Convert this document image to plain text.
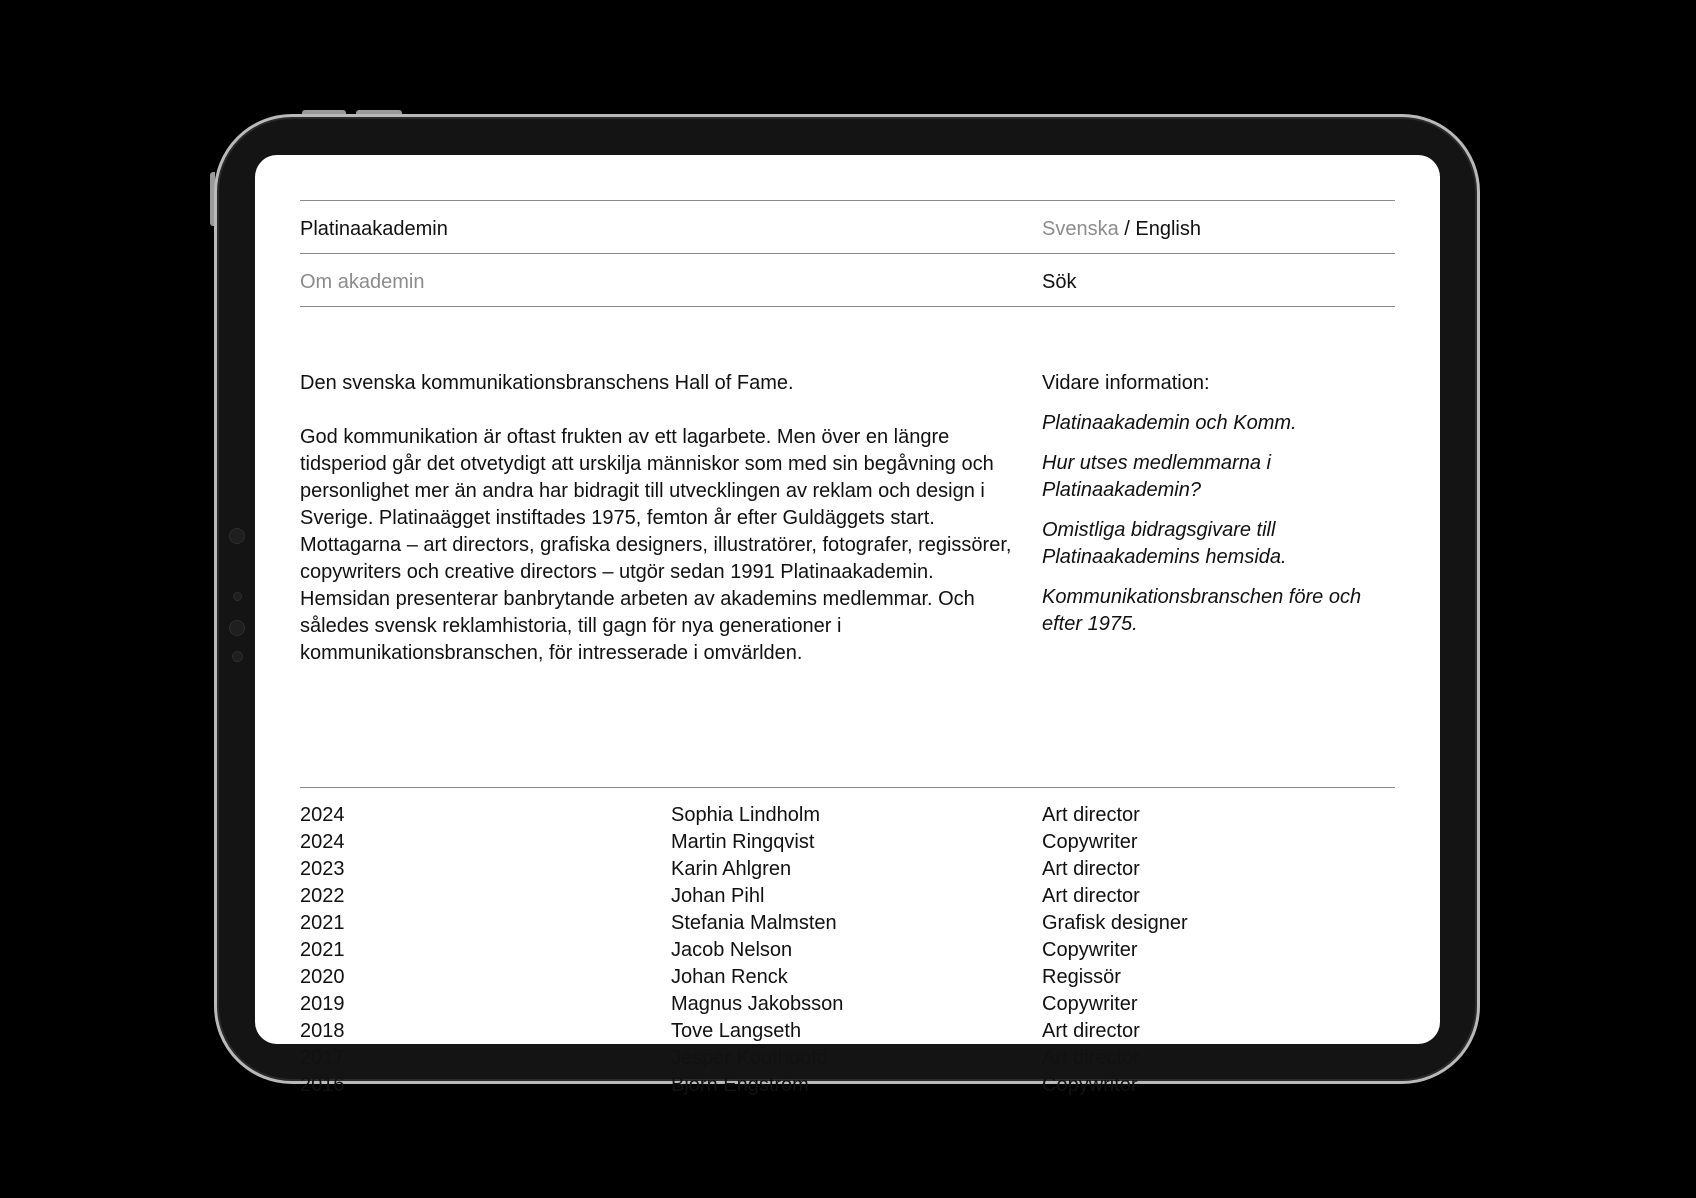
Platinaakademin	Svenska / English
Om akademin	Sök

Den svenska kommunikationsbranschens Hall of Fame.

God kommunikation är oftast frukten av ett lagarbete. Men över en längre tidsperiod går det otvetydigt att urskilja människor som med sin begåvning och personlighet mer än andra har bidragit till utvecklingen av reklam och design i Sverige. Platinaägget instiftades 1975, femton år efter Guldäggets start. Mottagarna – art directors, grafiska designers, illustratörer, fotografer, regissörer, copywriters och creative directors – utgör sedan 1991 Platinaakademin. Hemsidan presenterar banbrytande arbeten av akademins medlemmar. Och således svensk reklamhistoria, till gagn för nya generationer i kommunikationsbranschen, för intresserade i omvärlden.

Vidare information:
Platinaakademin och Komm.
Hur utses medlemmarna i Platinaakademin?
Omistliga bidragsgivare till Platinaakademins hemsida.
Kommunikationsbranschen före och efter 1975.
2024	Sophia Lindholm	Art director
2024	Martin Ringqvist	Copywriter
2023	Karin Ahlgren	Art director
2022	Johan Pihl	Art director
2021	Stefania Malmsten	Grafisk designer
2021	Jacob Nelson	Copywriter
2020	Johan Renck	Regissör
2019	Magnus Jakobsson	Copywriter
2018	Tove Langseth	Art director
2017	Jesper Kouthoofd	Art director
2016	Björn Engström	Copywriter
